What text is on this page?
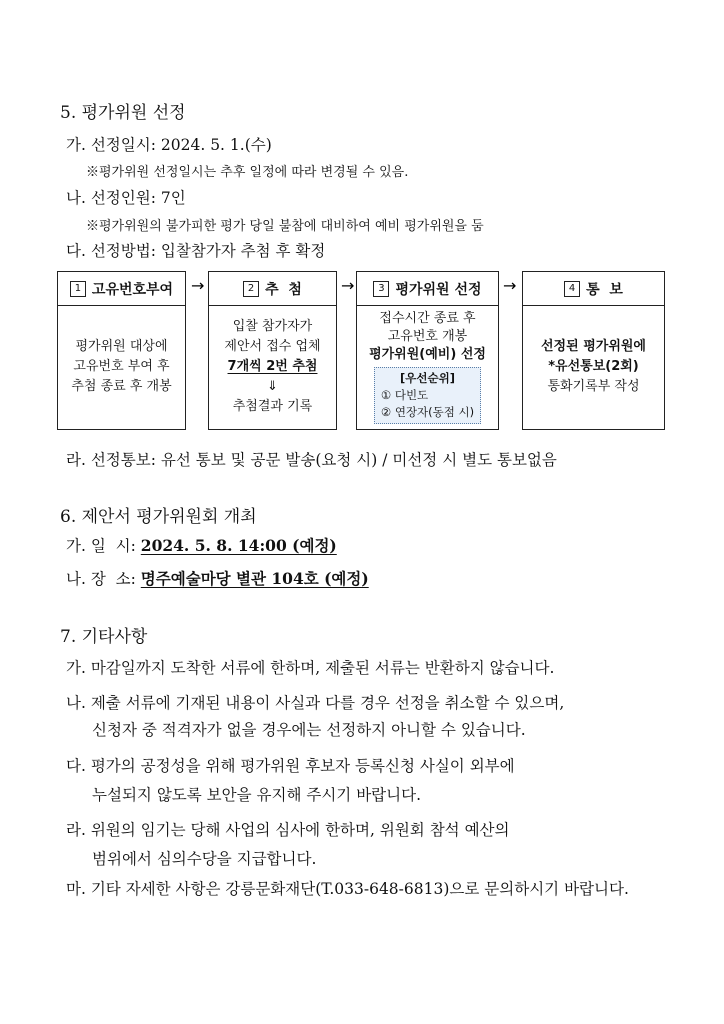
5. 평가위원 선정
가. 선정일시: 2024. 5. 1.(수)
※평가위원 선정일시는 추후 일정에 따라 변경될 수 있음.
나. 선정인원: 7인
※평가위원의 불가피한 평가 당일 불참에 대비하여 예비 평가위원을 둠
다. 선정방법: 입찰참가자 추첨 후 확정
1 고유번호부여
평가위원 대상에
고유번호 부여 후
추첨 종료 후 개봉
→	2 추  첨
입찰 참가자가
제안서 접수 업체
7개씩 2번 추첨
⇓
추첨결과 기록
→	3 평가위원 선정
접수시간 종료 후
고유번호 개봉
평가위원(예비) 선정
[우선순위]
① 다빈도
② 연장자(동점 시)
→	4 통  보
선정된 평가위원에
*유선통보(2회)
통화기록부 작성
라. 선정통보: 유선 통보 및 공문 발송(요청 시) / 미선정 시 별도 통보없음
6. 제안서 평가위원회 개최
가. 일  시: 2024. 5. 8. 14:00 (예정)
나. 장  소: 명주예술마당 별관 104호 (예정)
7. 기타사항
가. 마감일까지 도착한 서류에 한하며, 제출된 서류는 반환하지 않습니다.
나. 제출 서류에 기재된 내용이 사실과 다를 경우 선정을 취소할 수 있으며,
신청자 중 적격자가 없을 경우에는 선정하지 아니할 수 있습니다.
다. 평가의 공정성을 위해 평가위원 후보자 등록신청 사실이 외부에
누설되지 않도록 보안을 유지해 주시기 바랍니다.
라. 위원의 임기는 당해 사업의 심사에 한하며, 위원회 참석 예산의
범위에서 심의수당을 지급합니다.
마. 기타 자세한 사항은 강릉문화재단(T.033-648-6813)으로 문의하시기 바랍니다.
